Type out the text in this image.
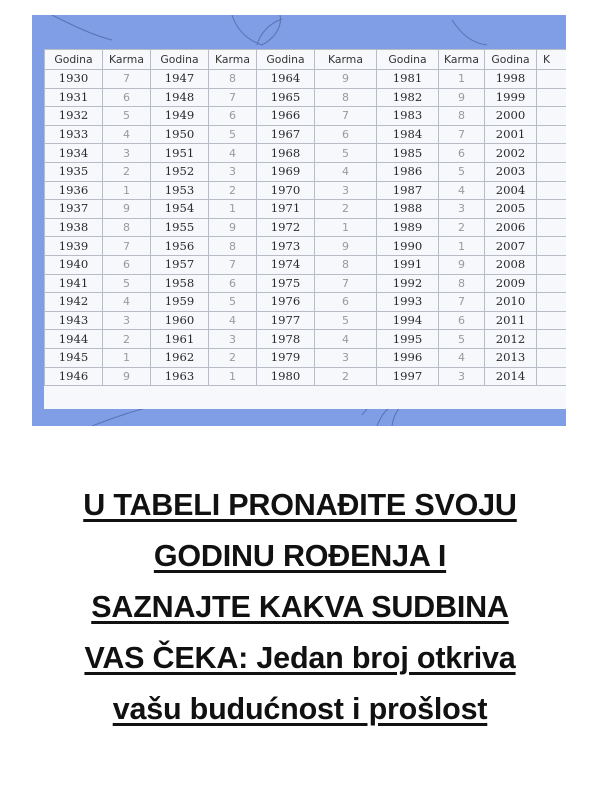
Godina	Karma	Godina	Karma	Godina	Karma	Godina	Karma	Godina	K
1930	7	1947	8	1964	9	1981	1	1998	
1931	6	1948	7	1965	8	1982	9	1999	
1932	5	1949	6	1966	7	1983	8	2000	
1933	4	1950	5	1967	6	1984	7	2001	
1934	3	1951	4	1968	5	1985	6	2002	
1935	2	1952	3	1969	4	1986	5	2003	
1936	1	1953	2	1970	3	1987	4	2004	
1937	9	1954	1	1971	2	1988	3	2005	
1938	8	1955	9	1972	1	1989	2	2006	
1939	7	1956	8	1973	9	1990	1	2007	
1940	6	1957	7	1974	8	1991	9	2008	
1941	5	1958	6	1975	7	1992	8	2009	
1942	4	1959	5	1976	6	1993	7	2010	
1943	3	1960	4	1977	5	1994	6	2011	
1944	2	1961	3	1978	4	1995	5	2012	
1945	1	1962	2	1979	3	1996	4	2013	
1946	9	1963	1	1980	2	1997	3	2014	
U TABELI PRONAĐITE SVOJU
GODINU ROĐENJA I
SAZNAJTE KAKVA SUDBINA
VAS ČEKA: Jedan broj otkriva
vašu budućnost i prošlost
